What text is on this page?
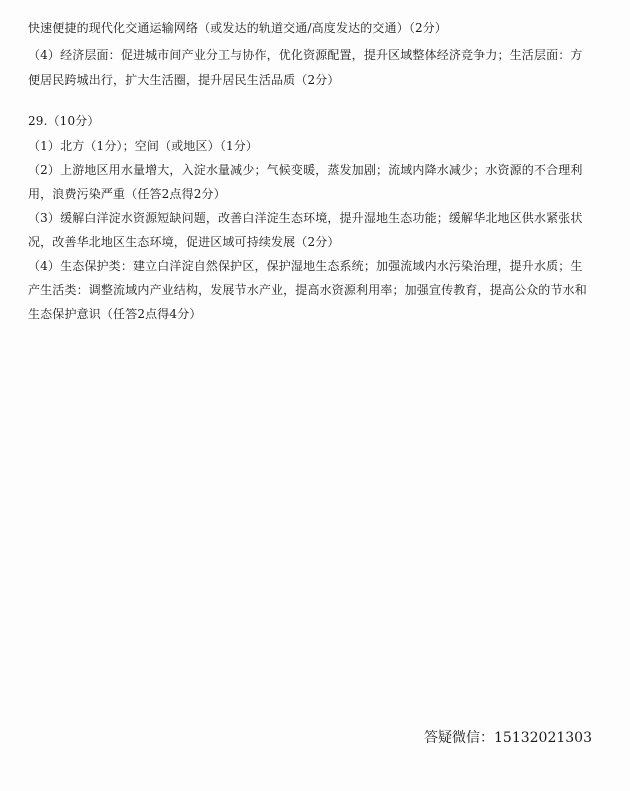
快速便捷的现代化交通运输网络（或发达的轨道交通/高度发达的交通）（2分）
（4）经济层面：促进城市间产业分工与协作，优化资源配置，提升区域整体经济竞争力；生活层面：方
便居民跨城出行，扩大生活圈，提升居民生活品质（2分）
29.（10分）
（1）北方（1分）；空间（或地区）（1分）
（2）上游地区用水量增大，入淀水量减少；气候变暖，蒸发加剧；流域内降水减少；水资源的不合理利
用，浪费污染严重（任答2点得2分）
（3）缓解白洋淀水资源短缺问题，改善白洋淀生态环境，提升湿地生态功能；缓解华北地区供水紧张状
况，改善华北地区生态环境，促进区域可持续发展（2分）
（4）生态保护类：建立白洋淀自然保护区，保护湿地生态系统；加强流域内水污染治理，提升水质；生
产生活类：调整流域内产业结构，发展节水产业，提高水资源利用率；加强宣传教育，提高公众的节水和
生态保护意识（任答2点得4分）
答疑微信：15132021303
